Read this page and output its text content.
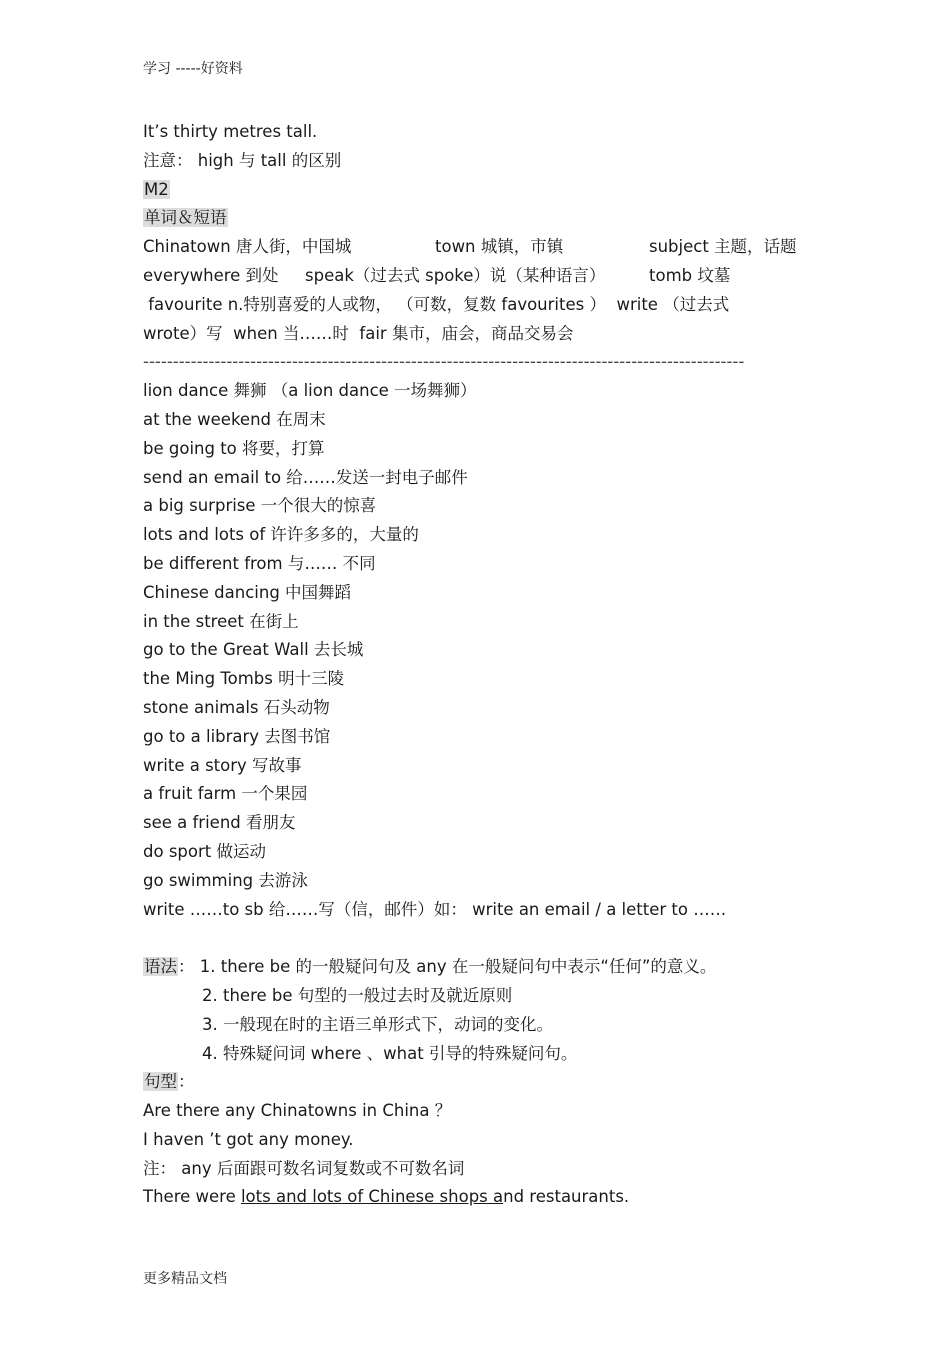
学习 -----好资料
It’s thirty metres tall.
注意： high 与 tall 的区别
M2
单词＆短语
Chinatown 唐人街，中国城	town 城镇，市镇	subject 主题，话题
everywhere 到处	speak（过去式 spoke）说（某种语言）	tomb 坟墓
favourite n.特别喜爱的人或物， （可数，复数 favourites ）  write （过去式
wrote）写  when 当……时  fair 集市，庙会，商品交易会
-----------------------------------------------------------------------------------------------------
lion dance 舞狮 （a lion dance 一场舞狮）
at the weekend 在周末
be going to 将要，打算
send an email to 给……发送一封电子邮件
a big surprise 一个很大的惊喜
lots and lots of 许许多多的，大量的
be different from 与…… 不同
Chinese dancing 中国舞蹈
in the street 在街上
go to the Great Wall 去长城
the Ming Tombs 明十三陵
stone animals 石头动物
go to a library 去图书馆
write a story 写故事
a fruit farm 一个果园
see a friend 看朋友
do sport 做运动
go swimming 去游泳
write ……to sb 给……写（信，邮件）如： write an email / a letter to ……
语法： 1. there be 的一般疑问句及 any 在一般疑问句中表示“任何”的意义。
2. there be 句型的一般过去时及就近原则
3. 一般现在时的主语三单形式下，动词的变化。
4. 特殊疑问词 where 、what 引导的特殊疑问句。
句型：
Are there any Chinatowns in China ？
I haven ’t got any money.
注： any 后面跟可数名词复数或不可数名词
There were lots and lots of Chinese shops and restaurants.
更多精品文档
